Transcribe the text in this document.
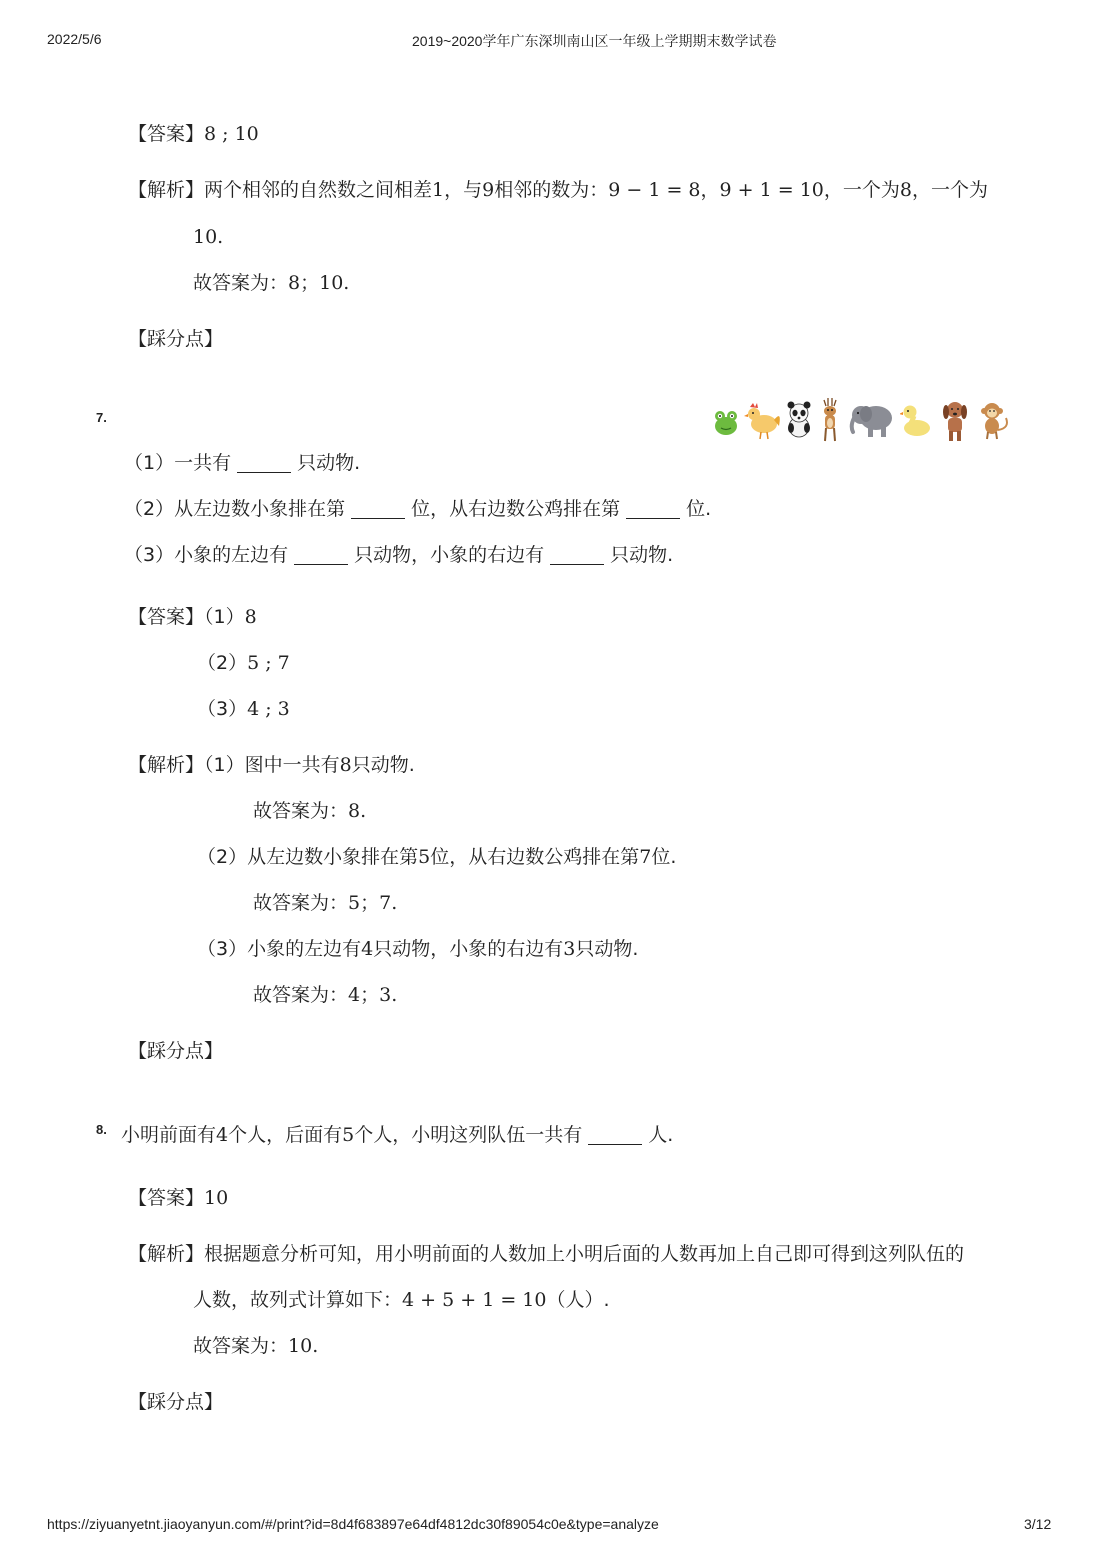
2022/5/6	2019~2020学年广东深圳南山区一年级上学期期末数学试卷
【答案】8 ; 10
【解析】两个相邻的自然数之间相差1，与9相邻的数为：9 − 1 = 8，9 + 1 = 10，一个为8，一个为
10.
故答案为：8；10.
【踩分点】
7.
（1）一共有	只动物.
（2）从左边数小象排在第	位，从右边数公鸡排在第	位.
（3）小象的左边有	只动物，小象的右边有	只动物.
【答案】（1）8
（2）5 ; 7
（3）4 ; 3
【解析】（1）图中一共有8只动物.
故答案为：8.
（2）从左边数小象排在第5位，从右边数公鸡排在第7位.
故答案为：5；7.
（3）小象的左边有4只动物，小象的右边有3只动物.
故答案为：4；3.
【踩分点】
8. 小明前面有4个人，后面有5个人，小明这列队伍一共有	人.
【答案】10
【解析】根据题意分析可知，用小明前面的人数加上小明后面的人数再加上自己即可得到这列队伍的
人数，故列式计算如下：4 + 5 + 1 = 10（人）.
故答案为：10.
【踩分点】
https://ziyuanyetnt.jiaoyanyun.com/#/print?id=8d4f683897e64df4812dc30f89054c0e&type=analyze	3/12
